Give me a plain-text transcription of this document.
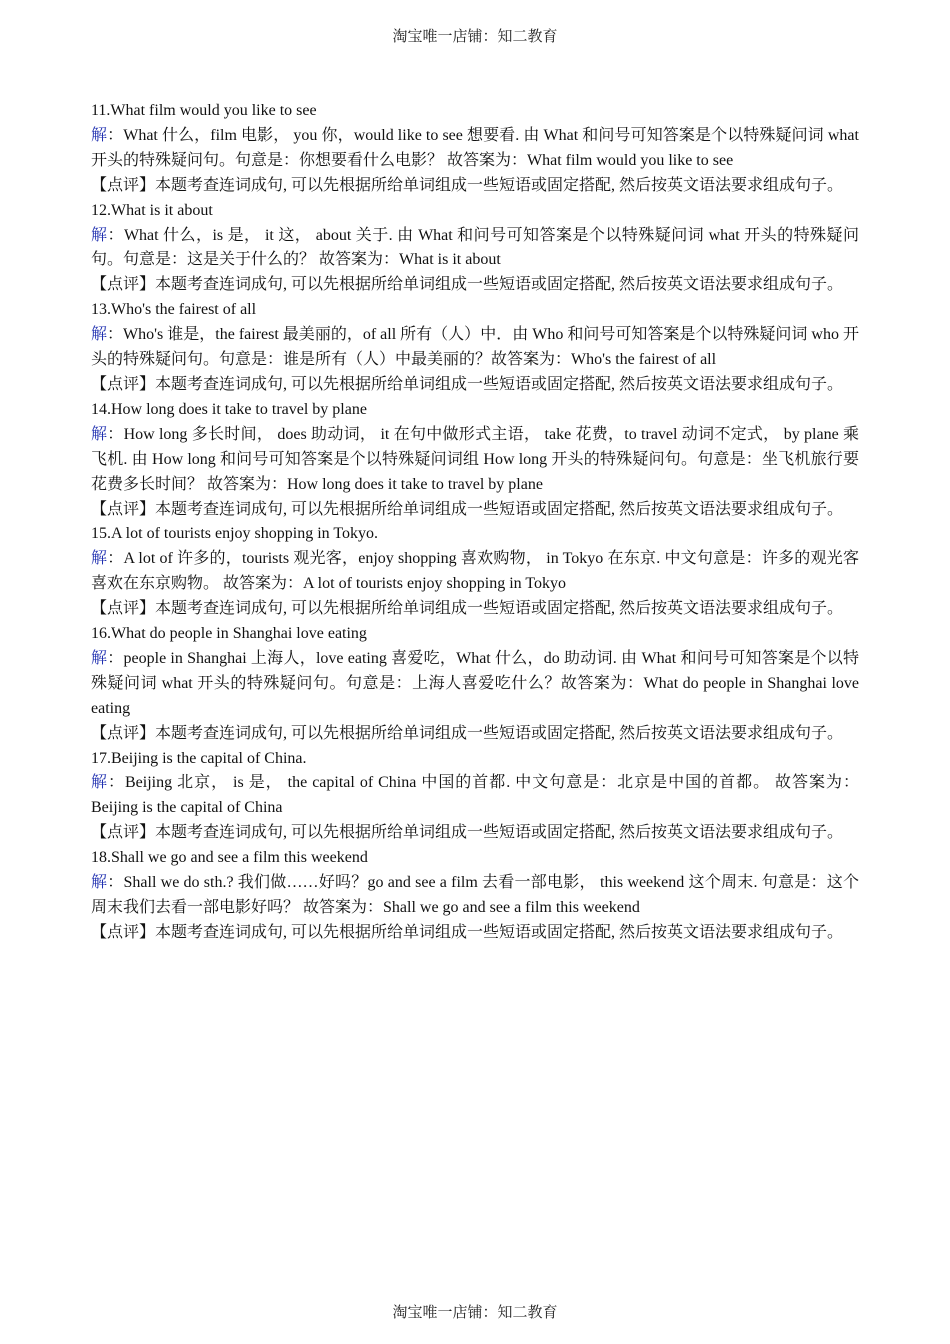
淘宝唯一店铺：知二教育
11.What film would you like to see
解：What 什么，film 电影， you 你，would like to see 想要看. 由 What 和问号可知答案是个以特殊疑问词 what 开头的特殊疑问句。句意是：你想要看什么电影？ 故答案为：What film would you like to see
【点评】本题考查连词成句, 可以先根据所给单词组成一些短语或固定搭配, 然后按英文语法要求组成句子。
12.What is it about
解：What 什么，is 是， it 这， about 关于. 由 What 和问号可知答案是个以特殊疑问词 what 开头的特殊疑问句。句意是：这是关于什么的？ 故答案为：What is it about
【点评】本题考查连词成句, 可以先根据所给单词组成一些短语或固定搭配, 然后按英文语法要求组成句子。
13.Who's the fairest of all
解：Who's 谁是，the fairest 最美丽的，of all 所有（人）中．由 Who 和问号可知答案是个以特殊疑问词 who 开头的特殊疑问句。句意是：谁是所有（人）中最美丽的？故答案为：Who's the fairest of all
【点评】本题考查连词成句, 可以先根据所给单词组成一些短语或固定搭配, 然后按英文语法要求组成句子。
14.How long does it take to travel by plane
解：How long 多长时间， does 助动词， it 在句中做形式主语， take 花费，to travel 动词不定式， by plane 乘飞机. 由 How long 和问号可知答案是个以特殊疑问词组 How long 开头的特殊疑问句。句意是：坐飞机旅行要花费多长时间？ 故答案为：How long does it take to travel by plane
【点评】本题考查连词成句, 可以先根据所给单词组成一些短语或固定搭配, 然后按英文语法要求组成句子。
15.A lot of tourists enjoy shopping in Tokyo.
解：A lot of 许多的，tourists 观光客，enjoy shopping 喜欢购物， in Tokyo 在东京. 中文句意是：许多的观光客喜欢在东京购物。 故答案为：A lot of tourists enjoy shopping in Tokyo
【点评】本题考查连词成句, 可以先根据所给单词组成一些短语或固定搭配, 然后按英文语法要求组成句子。
16.What do people in Shanghai love eating
解：people in Shanghai 上海人，love eating 喜爱吃，What 什么，do 助动词. 由 What 和问号可知答案是个以特殊疑问词 what 开头的特殊疑问句。句意是：上海人喜爱吃什么？故答案为：What do people in Shanghai love eating
【点评】本题考查连词成句, 可以先根据所给单词组成一些短语或固定搭配, 然后按英文语法要求组成句子。
17.Beijing is the capital of China.
解：Beijing 北京， is 是， the capital of China 中国的首都. 中文句意是：北京是中国的首都。 故答案为：Beijing is the capital of China
【点评】本题考查连词成句, 可以先根据所给单词组成一些短语或固定搭配, 然后按英文语法要求组成句子。
18.Shall we go and see a film this weekend
解：Shall we do sth.? 我们做……好吗？go and see a film 去看一部电影， this weekend 这个周末. 句意是：这个周末我们去看一部电影好吗？ 故答案为：Shall we go and see a film this weekend
【点评】本题考查连词成句, 可以先根据所给单词组成一些短语或固定搭配, 然后按英文语法要求组成句子。
淘宝唯一店铺：知二教育
